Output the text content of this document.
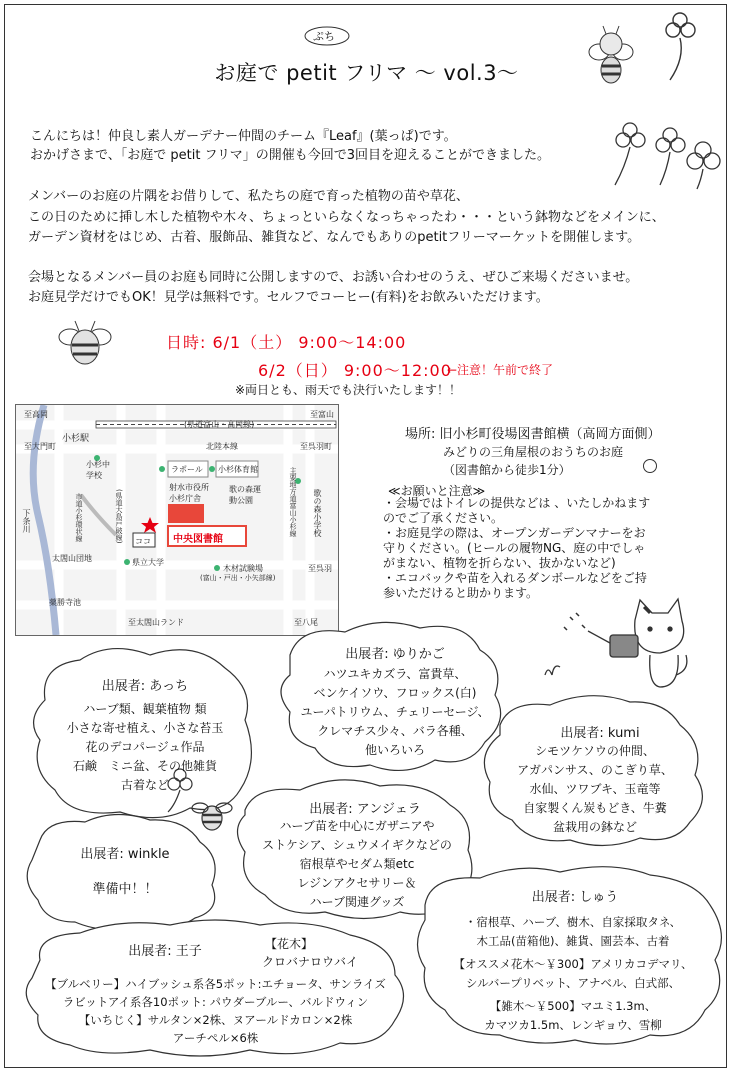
ぷち
お庭で petit フリマ ～ vol.3～
こんにちは！仲良し素人ガーデナー仲間のチーム『Leaf』(葉っぱ)です。
おかげさまで、「お庭で petit フリマ」の開催も今回で3回目を迎えることができました。
メンバーのお庭の片隅をお借りして、私たちの庭で育った植物の苗や草花、
この日のために挿し木した植物や木々、ちょっといらなくなっちゃったわ・・・という鉢物などをメインに、
ガーデン資材をはじめ、古着、服飾品、雑貨など、なんでもありのpetitフリーマーケットを開催します。
会場となるメンバー員のお庭も同時に公開しますので、お誘い合わせのうえ、ぜひご来場くださいませ。
お庭見学だけでもOK！見学は無料です。セルフでコーヒー(有料)をお飲みいただけます。
日時: 6/1（土） 9:00～14:00
6/2（日） 9:00～12:00
←注意！午前で終了
※両日とも、雨天でも決行いたします！！
至高岡	至富山
(県道富山・高岡線)
小杉駅
至大門町	北陸本線	至呉羽町
小杉中学校
ラポール 小杉体育館
射水市役所小杉庁舎
歌の森運動公園
中央図書館
ココ
県立大学
木材試験場
(富山・戸出・小矢部線)
太閤山団地
薬勝寺池
至太閤山ランド	至八尾
至呉羽
下条川	歌の森小学校
主要地方道富山小杉線
市道小杉環状線	(県道大島戸破線)
場所: 旧小杉町役場図書館横（高岡方面側）
みどりの三角屋根のおうちのお庭
（図書館から徒歩1分）
≪お願いと注意≫
・会場ではトイレの提供などは 、いたしかねます
のでご了承ください。
・お庭見学の際は、オープンガーデンマナーをお
守りください。(ヒールの履物NG、庭の中でしゃ
がまない、植物を折らない、抜かないなど)
・エコバックや苗を入れるダンボールなどをご持
参いただけると助かります。
出展者: あっち
ハーブ類、観葉植物 類
小さな寄せ植え、小さな苔玉
花のデコパージュ作品
石鹸　ミニ盆、その他雑貨
古着など
出展者: ゆりかご
ハツユキカズラ、富貴草、
ベンケイソウ、フロックス(白)
ユーパトリウム、チェリーセージ、
クレマチス少々、バラ各種、
他いろいろ
出展者: kumi
シモツケソウの仲間、
アガパンサス、のこぎり草、
水仙、ツワブキ、玉竜等
自家製くん炭もどき、牛糞
盆栽用の鉢など
出展者: アンジェラ
ハーブ苗を中心にガザニアや
ストケシア、シュウメイギクなどの
宿根草やセダム類etc
レジンアクセサリー＆
ハーブ関連グッズ
出展者: winkle
準備中！！
出展者: しゅう
・宿根草、ハーブ、樹木、自家採取タネ、
木工品(苗箱他)、雑貨、園芸本、古着
【オススメ花木～￥300】アメリカコデマリ、
シルバープリベット、アナベル、白式部、
【雑木～￥500】マユミ1.3m、
カマツカ1.5m、レンギョウ、雪柳
出展者: 王子	【花木】
クロバナロウバイ
【ブルベリー】ハイブッシュ系各5ポット:エチョータ、サンライズ
ラビットアイ系各10ポット: パウダーブルー、バルドウィン
【いちじく】サルタン×2株、ヌアールドカロン×2株
アーチペル×6株
